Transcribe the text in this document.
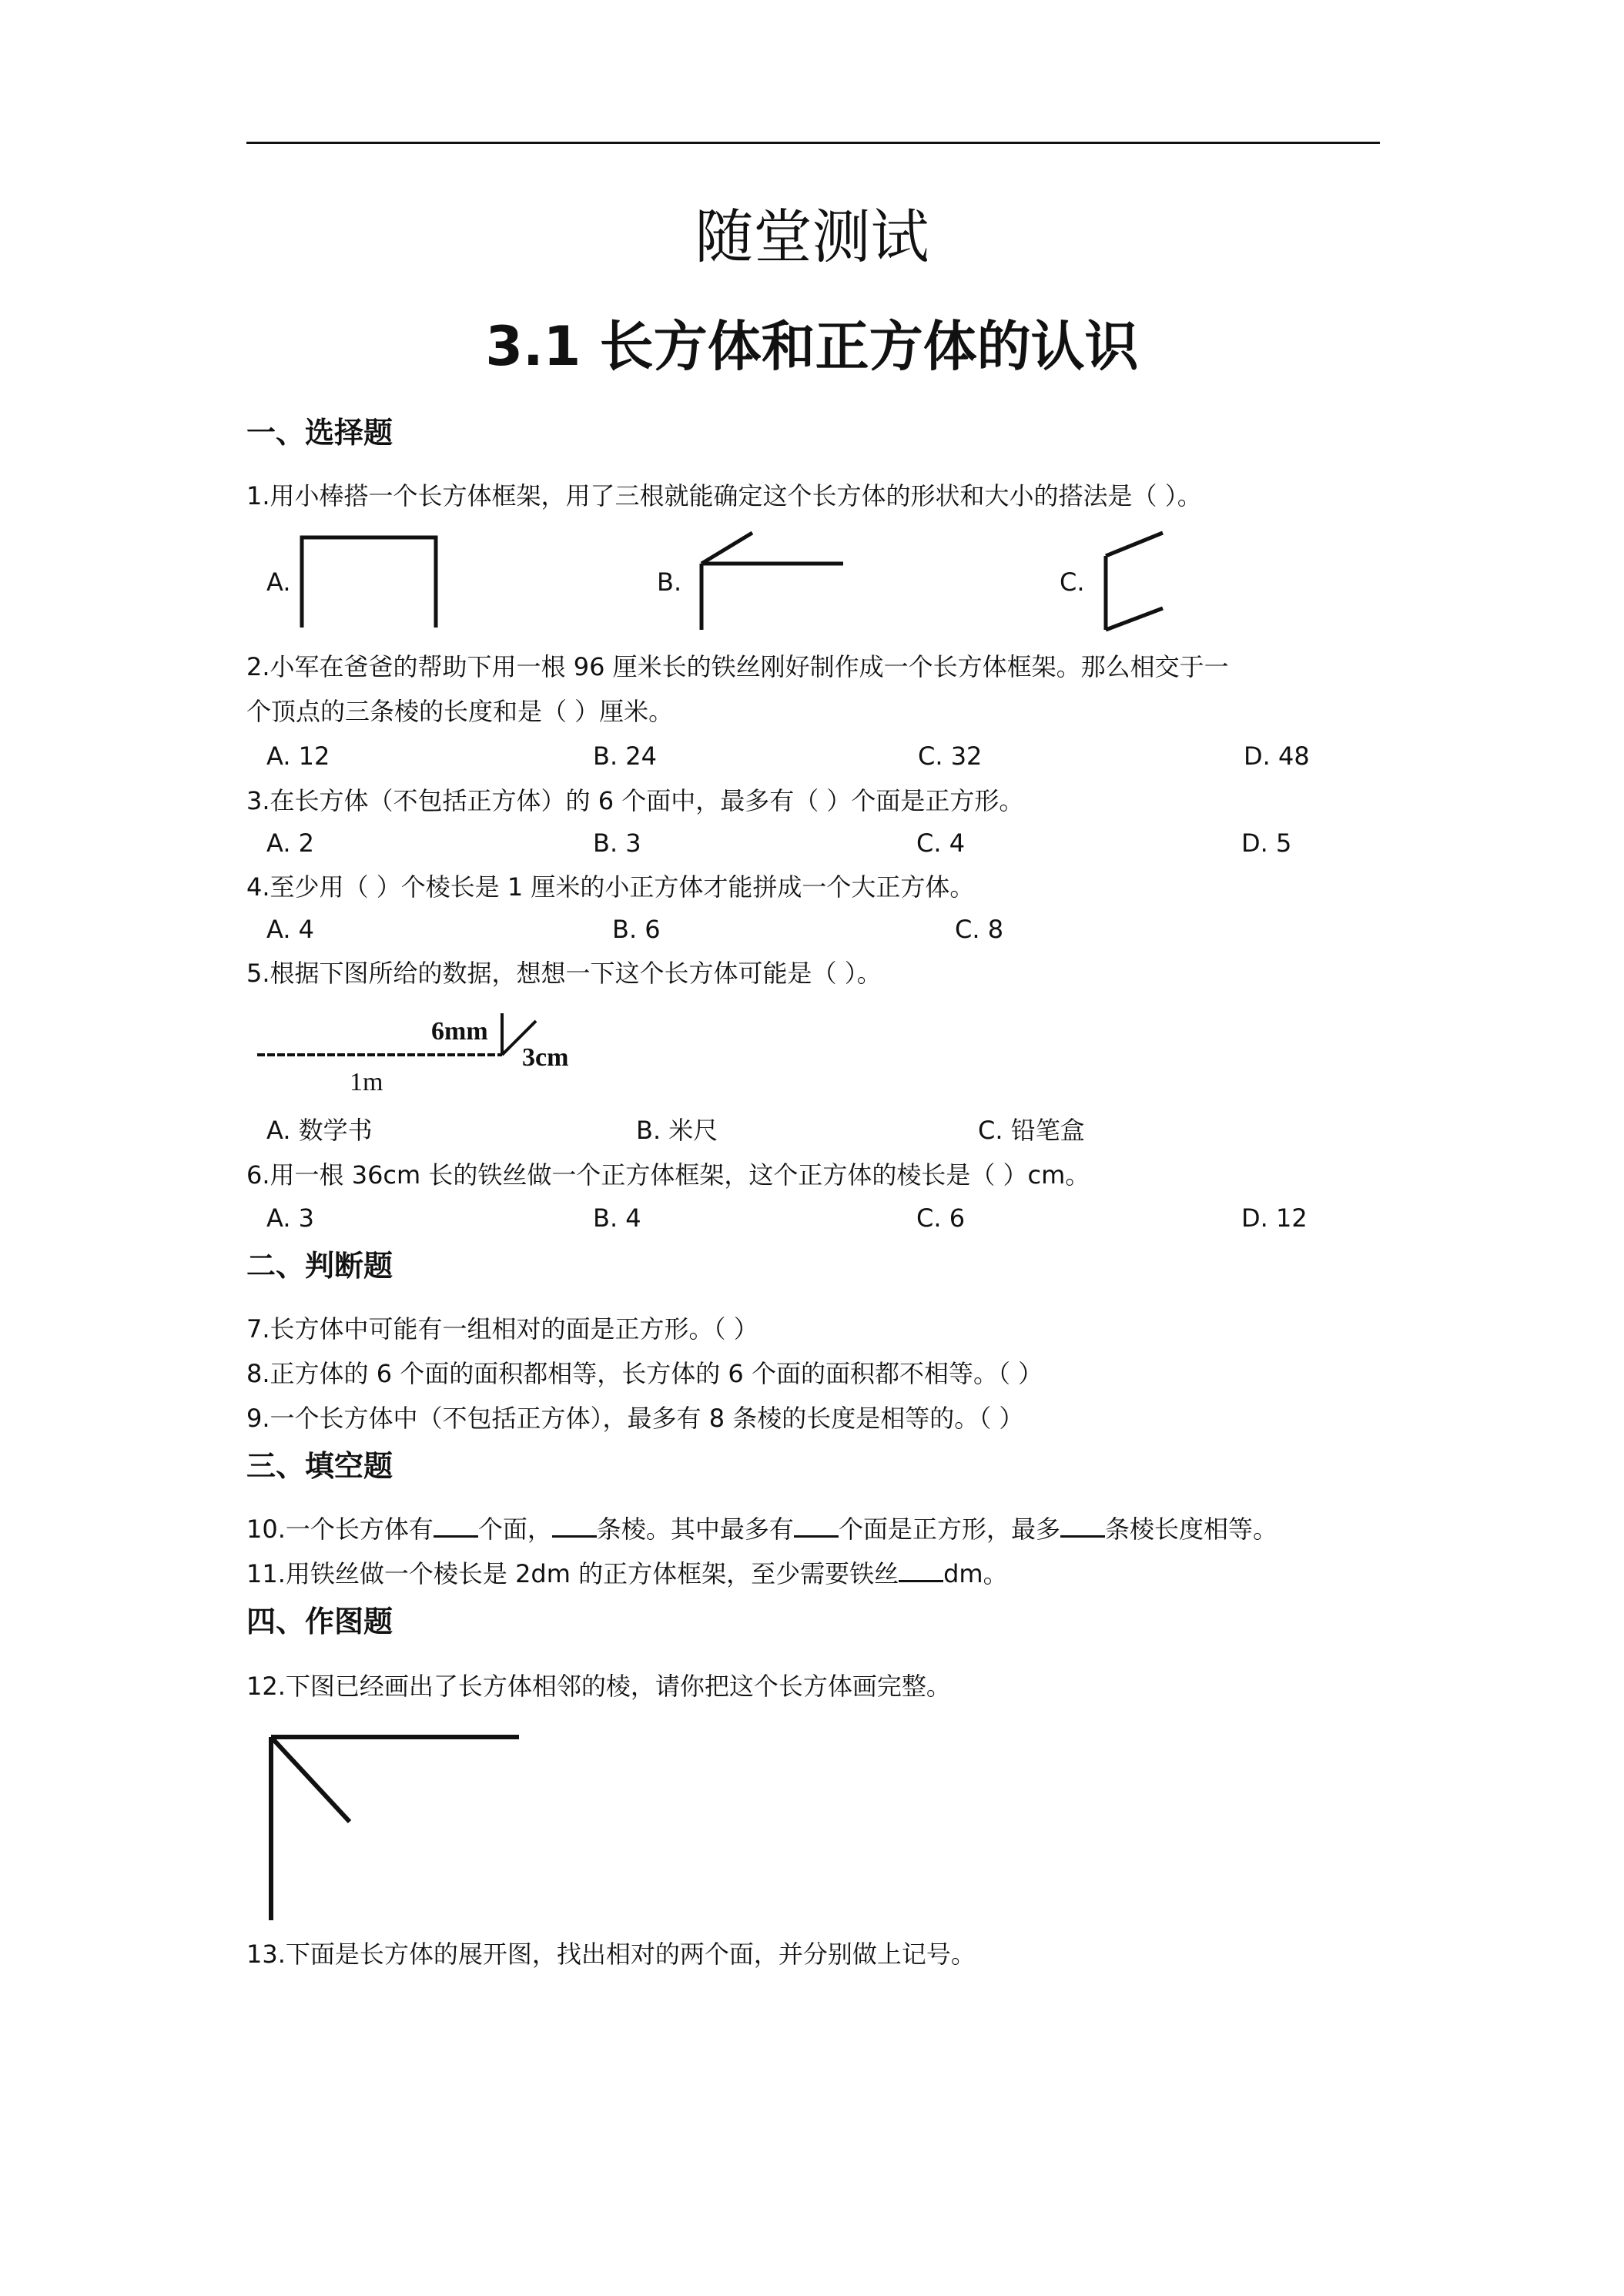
随堂测试
3.1 长方体和正方体的认识
一、选择题
1.用小棒搭一个长方体框架，用了三根就能确定这个长方体的形状和大小的搭法是（ ）。
A.	B.	C.
2.小军在爸爸的帮助下用一根 96 厘米长的铁丝刚好制作成一个长方体框架。那么相交于一
个顶点的三条棱的长度和是（ ）厘米。
A. 12	B. 24	C. 32	D. 48
3.在长方体（不包括正方体）的 6 个面中，最多有（ ）个面是正方形。
A. 2	B. 3	C. 4	D. 5
4.至少用（ ）个棱长是 1 厘米的小正方体才能拼成一个大正方体。
A. 4	B. 6	C. 8
5.根据下图所给的数据，想想一下这个长方体可能是（ ）。
6mm
3cm
1m
A. 数学书	B. 米尺	C. 铅笔盒
6.用一根 36cm 长的铁丝做一个正方体框架，这个正方体的棱长是（ ）cm。
A. 3	B. 4	C. 6	D. 12
二、判断题
7.长方体中可能有一组相对的面是正方形。（ ）
8.正方体的 6 个面的面积都相等，长方体的 6 个面的面积都不相等。（ ）
9.一个长方体中（不包括正方体），最多有 8 条棱的长度是相等的。（ ）
三、填空题
10.一个长方体有 个面， 条棱。其中最多有 个面是正方形，最多 条棱长度相等。
11.用铁丝做一个棱长是 2dm 的正方体框架，至少需要铁丝 dm。
四、作图题
12.下图已经画出了长方体相邻的棱，请你把这个长方体画完整。
13.下面是长方体的展开图，找出相对的两个面，并分别做上记号。
